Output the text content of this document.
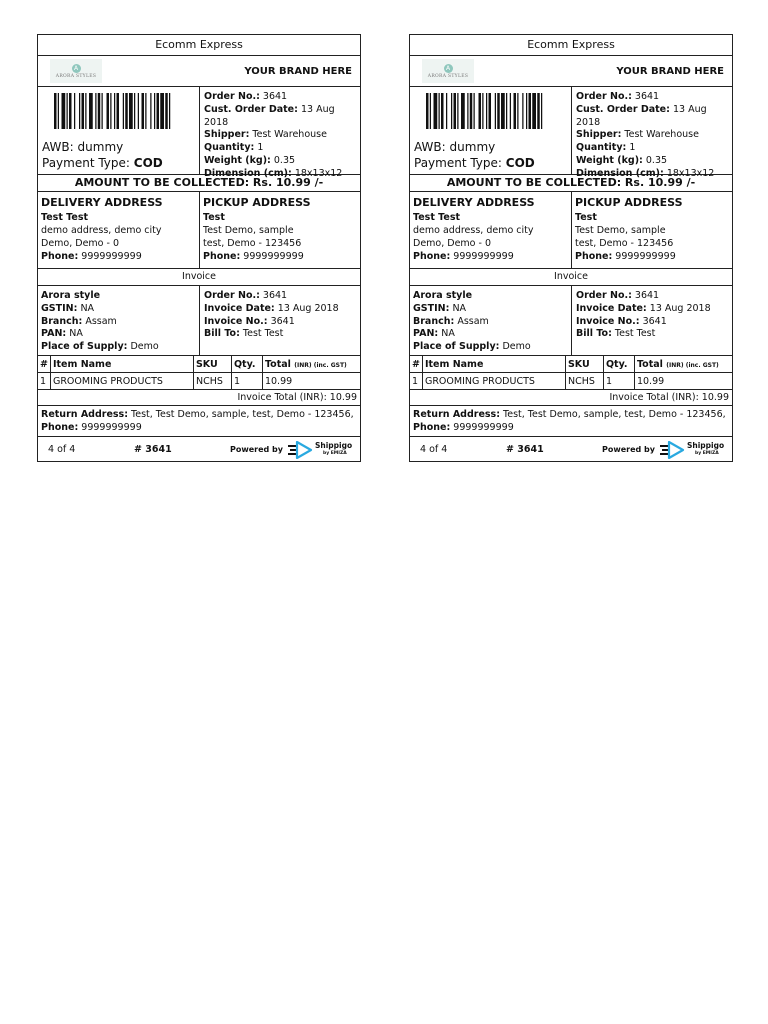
Ecomm Express
A
ARORA STYLES	YOUR BRAND HERE
AWB: dummy
Payment Type: COD
Order No.: 3641
Cust. Order Date: 13 Aug 2018
Shipper: Test Warehouse
Quantity: 1
Weight (kg): 0.35
Dimension (cm): 18x13x12
AMOUNT TO BE COLLECTED: Rs. 10.99 /-
DELIVERY ADDRESS
Test Test
demo address, demo city
Demo, Demo - 0
Phone: 9999999999
PICKUP ADDRESS
Test
Test Demo, sample
test, Demo - 123456
Phone: 9999999999
Invoice
Arora style
GSTIN: NA
Branch: Assam
PAN: NA
Place of Supply: Demo
Order No.: 3641
Invoice Date: 13 Aug 2018
Invoice No.: 3641
Bill To: Test Test
#	Item Name	SKU	Qty.	Total (INR) (inc. GST)
1	GROOMING PRODUCTS	NCHS	1	10.99
Invoice Total (INR): 10.99
Return Address: Test, Test Demo, sample, test, Demo - 123456,
Phone: 9999999999
4 of 4	# 3641	Powered by	Shippigo
by EMIZA
Ecomm Express
A
ARORA STYLES	YOUR BRAND HERE
AWB: dummy
Payment Type: COD
Order No.: 3641
Cust. Order Date: 13 Aug 2018
Shipper: Test Warehouse
Quantity: 1
Weight (kg): 0.35
Dimension (cm): 18x13x12
AMOUNT TO BE COLLECTED: Rs. 10.99 /-
DELIVERY ADDRESS
Test Test
demo address, demo city
Demo, Demo - 0
Phone: 9999999999
PICKUP ADDRESS
Test
Test Demo, sample
test, Demo - 123456
Phone: 9999999999
Invoice
Arora style
GSTIN: NA
Branch: Assam
PAN: NA
Place of Supply: Demo
Order No.: 3641
Invoice Date: 13 Aug 2018
Invoice No.: 3641
Bill To: Test Test
#	Item Name	SKU	Qty.	Total (INR) (inc. GST)
1	GROOMING PRODUCTS	NCHS	1	10.99
Invoice Total (INR): 10.99
Return Address: Test, Test Demo, sample, test, Demo - 123456,
Phone: 9999999999
4 of 4	# 3641	Powered by	Shippigo
by EMIZA
